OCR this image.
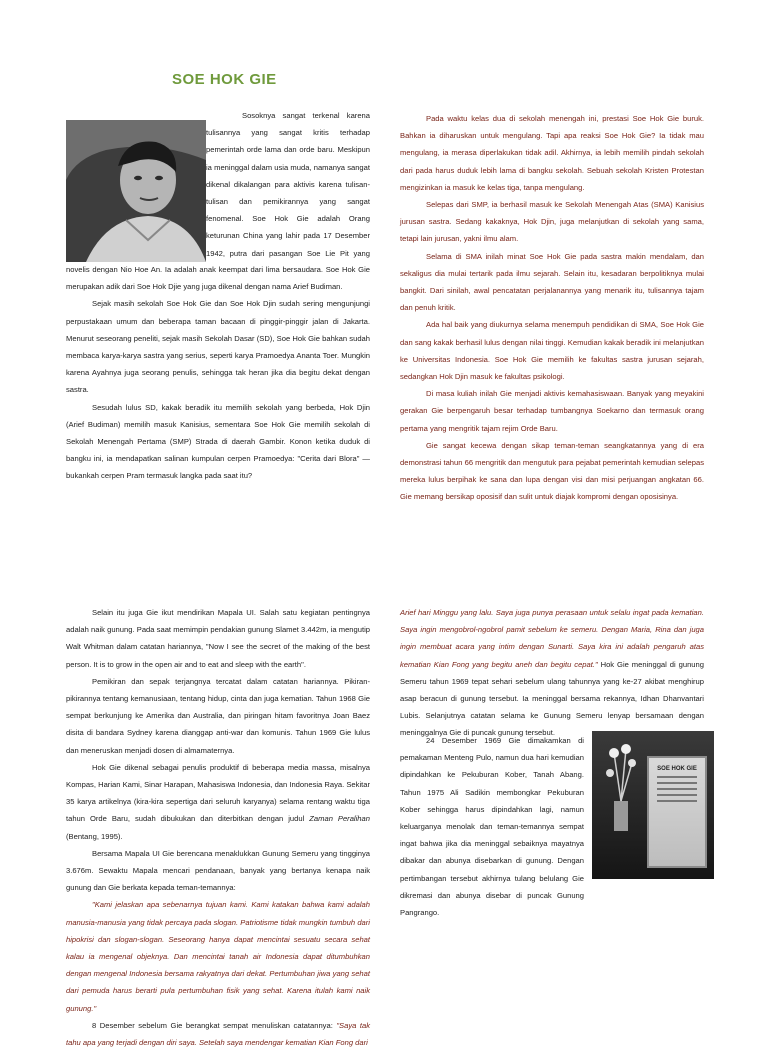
SOE HOK GIE

Sosoknya sangat terkenal karena tulisannya yang sangat kritis terhadap pemerintah orde lama dan orde baru. Meskipun ia meninggal dalam usia muda, namanya sangat dikenal dikalangan para aktivis karena tulisan-tulisan dan pemikirannya yang sangat fenomenal. Soe Hok Gie adalah Orang keturunan China yang lahir pada 17 Desember 1942, putra dari pasangan Soe Lie Pit yang

novelis dengan Nio Hoe An. Ia adalah anak keempat dari lima bersaudara. Soe Hok Gie merupakan adik dari Soe Hok Djie yang juga dikenal dengan nama Arief Budiman.

Sejak masih sekolah Soe Hok Gie dan Soe Hok Djin sudah sering mengunjungi perpustakaan umum dan beberapa taman bacaan di pinggir-pinggir jalan di Jakarta. Menurut seseorang peneliti, sejak masih Sekolah Dasar (SD), Soe Hok Gie bahkan sudah membaca karya-karya sastra yang serius, seperti karya Pramoedya Ananta Toer. Mungkin karena Ayahnya juga seorang penulis, sehingga tak heran jika dia begitu dekat dengan sastra.

Sesudah lulus SD, kakak beradik itu memilih sekolah yang berbeda, Hok Djin (Arief Budiman) memilih masuk Kanisius, sementara Soe Hok Gie memilih sekolah di Sekolah Menengah Pertama (SMP) Strada di daerah Gambir. Konon ketika duduk di bangku ini, ia mendapatkan salinan kumpulan cerpen Pramoedya: "Cerita dari Blora" —bukankah cerpen Pram termasuk langka pada saat itu?

Pada waktu kelas dua di sekolah menengah ini, prestasi Soe Hok Gie buruk. Bahkan ia diharuskan untuk mengulang. Tapi apa reaksi Soe Hok Gie? Ia tidak mau mengulang, ia merasa diperlakukan tidak adil. Akhirnya, ia lebih memilih pindah sekolah dari pada harus duduk lebih lama di bangku sekolah. Sebuah sekolah Kristen Protestan mengizinkan ia masuk ke kelas tiga, tanpa mengulang.

Selepas dari SMP, ia berhasil masuk ke Sekolah Menengah Atas (SMA) Kanisius jurusan sastra. Sedang kakaknya, Hok Djin, juga melanjutkan di sekolah yang sama, tetapi lain jurusan, yakni ilmu alam.

Selama di SMA inilah minat Soe Hok Gie pada sastra makin mendalam, dan sekaligus dia mulai tertarik pada ilmu sejarah. Selain itu, kesadaran berpolitiknya mulai bangkit. Dari sinilah, awal pencatatan perjalanannya yang menarik itu, tulisannya tajam dan penuh kritik.

Ada hal baik yang diukurnya selama menempuh pendidikan di SMA, Soe Hok Gie dan sang kakak berhasil lulus dengan nilai tinggi. Kemudian kakak beradik ini melanjutkan ke Universitas Indonesia. Soe Hok Gie memilih ke fakultas sastra jurusan sejarah, sedangkan Hok Djin masuk ke fakultas psikologi.

Di masa kuliah inilah Gie menjadi aktivis kemahasiswaan. Banyak yang meyakini gerakan Gie berpengaruh besar terhadap tumbangnya Soekarno dan termasuk orang pertama yang mengritik tajam rejim Orde Baru.

Gie sangat kecewa dengan sikap teman-teman seangkatannya yang di era demonstrasi tahun 66 mengritik dan mengutuk para pejabat pemerintah kemudian selepas mereka lulus berpihak ke sana dan lupa dengan visi dan misi perjuangan angkatan 66. Gie memang bersikap oposisif dan sulit untuk diajak kompromi dengan oposisinya.

Selain itu juga Gie ikut mendirikan Mapala UI. Salah satu kegiatan pentingnya adalah naik gunung. Pada saat memimpin pendakian gunung Slamet 3.442m, ia mengutip Walt Whitman dalam catatan hariannya, "Now I see the secret of the making of the best person. It is to grow in the open air and to eat and sleep with the earth".

Pemikiran dan sepak terjangnya tercatat dalam catatan hariannya. Pikiran-pikirannya tentang kemanusiaan, tentang hidup, cinta dan juga kematian. Tahun 1968 Gie sempat berkunjung ke Amerika dan Australia, dan piringan hitam favoritnya Joan Baez disita di bandara Sydney karena dianggap anti-war dan komunis. Tahun 1969 Gie lulus dan meneruskan menjadi dosen di almamaternya.

Hok Gie dikenal sebagai penulis produktif di beberapa media massa, misalnya Kompas, Harian Kami, Sinar Harapan, Mahasiswa Indonesia, dan Indonesia Raya. Sekitar 35 karya artikelnya (kira-kira sepertiga dari seluruh karyanya) selama rentang waktu tiga tahun Orde Baru, sudah dibukukan dan diterbitkan dengan judul Zaman Peralihan (Bentang, 1995).

Bersama Mapala UI Gie berencana menaklukkan Gunung Semeru yang tingginya 3.676m. Sewaktu Mapala mencari pendanaan, banyak yang bertanya kenapa naik gunung dan Gie berkata kepada teman-temannya:

"Kami jelaskan apa sebenarnya tujuan kami. Kami katakan bahwa kami adalah manusia-manusia yang tidak percaya pada slogan. Patriotisme tidak mungkin tumbuh dari hipokrisi dan slogan-slogan. Seseorang hanya dapat mencintai sesuatu secara sehat kalau ia mengenal objeknya. Dan mencintai tanah air Indonesia dapat ditumbuhkan dengan mengenal Indonesia bersama rakyatnya dari dekat. Pertumbuhan jiwa yang sehat dari pemuda harus berarti pula pertumbuhan fisik yang sehat. Karena itulah kami naik gunung."

8 Desember sebelum Gie berangkat sempat menuliskan catatannya: "Saya tak tahu apa yang terjadi dengan diri saya. Setelah saya mendengar kematian Kian Fong dari

Arief hari Minggu yang lalu. Saya juga punya perasaan untuk selalu ingat pada kematian. Saya ingin mengobrol-ngobrol pamit sebelum ke semeru. Dengan Maria, Rina dan juga ingin membuat acara yang intim dengan Sunarti. Saya kira ini adalah pengaruh atas kematian Kian Fong yang begitu aneh dan begitu cepat." Hok Gie meninggal di gunung Semeru tahun 1969 tepat sehari sebelum ulang tahunnya yang ke-27 akibat menghirup asap beracun di gunung tersebut. Ia meninggal bersama rekannya, Idhan Dhanvantari Lubis. Selanjutnya catatan selama ke Gunung Semeru lenyap bersamaan dengan meninggalnya Gie di puncak gunung tersebut.

24 Desember 1969 Gie dimakamkan di pemakaman Menteng Pulo, namun dua hari kemudian dipindahkan ke Pekuburan Kober, Tanah Abang. Tahun 1975 Ali Sadikin membongkar Pekuburan Kober sehingga harus dipindahkan lagi, namun keluarganya menolak dan teman-temannya sempat ingat bahwa jika dia meninggal sebaiknya mayatnya dibakar dan abunya disebarkan di gunung. Dengan pertimbangan tersebut akhirnya tulang belulang Gie dikremasi dan abunya disebar di puncak Gunung Pangrango.

SOE HOK GIE
